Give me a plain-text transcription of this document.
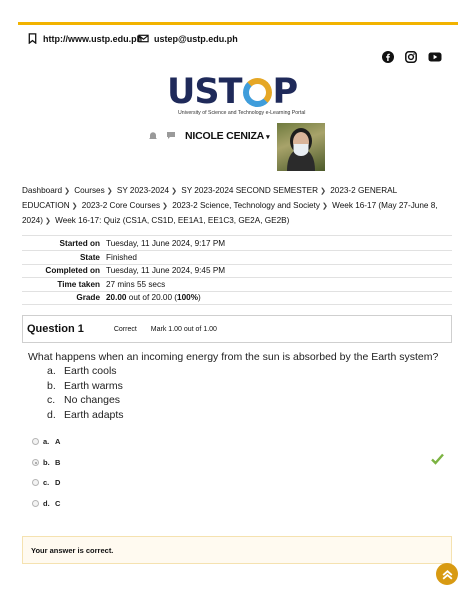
http://www.ustp.edu.ph ustep@ustp.edu.ph
UST P
University of Science and Technology e-Learning Portal
NICOLE CENIZA ▾
Dashboard ❯ Courses ❯ SY 2023-2024 ❯ SY 2023-2024 SECOND SEMESTER ❯ 2023-2 GENERAL EDUCATION ❯ 2023-2 Core Courses ❯ 2023-2 Science, Technology and Society ❯ Week 16-17 (May 27-June 8, 2024) ❯ Week 16-17: Quiz (CS1A, CS1D, EE1A1, EE1C3, GE2A, GE2B)
Started on Tuesday, 11 June 2024, 9:17 PM
State Finished
Completed on Tuesday, 11 June 2024, 9:45 PM
Time taken 27 mins 55 secs
Grade 20.00 out of 20.00 (100%)
Question 1	Correct Mark 1.00 out of 1.00
What happens when an incoming energy from the sun is absorbed by the Earth system?
a. Earth cools
b. Earth warms
c. No changes
d. Earth adapts
a. A
b. B
c. D
d. C
Your answer is correct.
